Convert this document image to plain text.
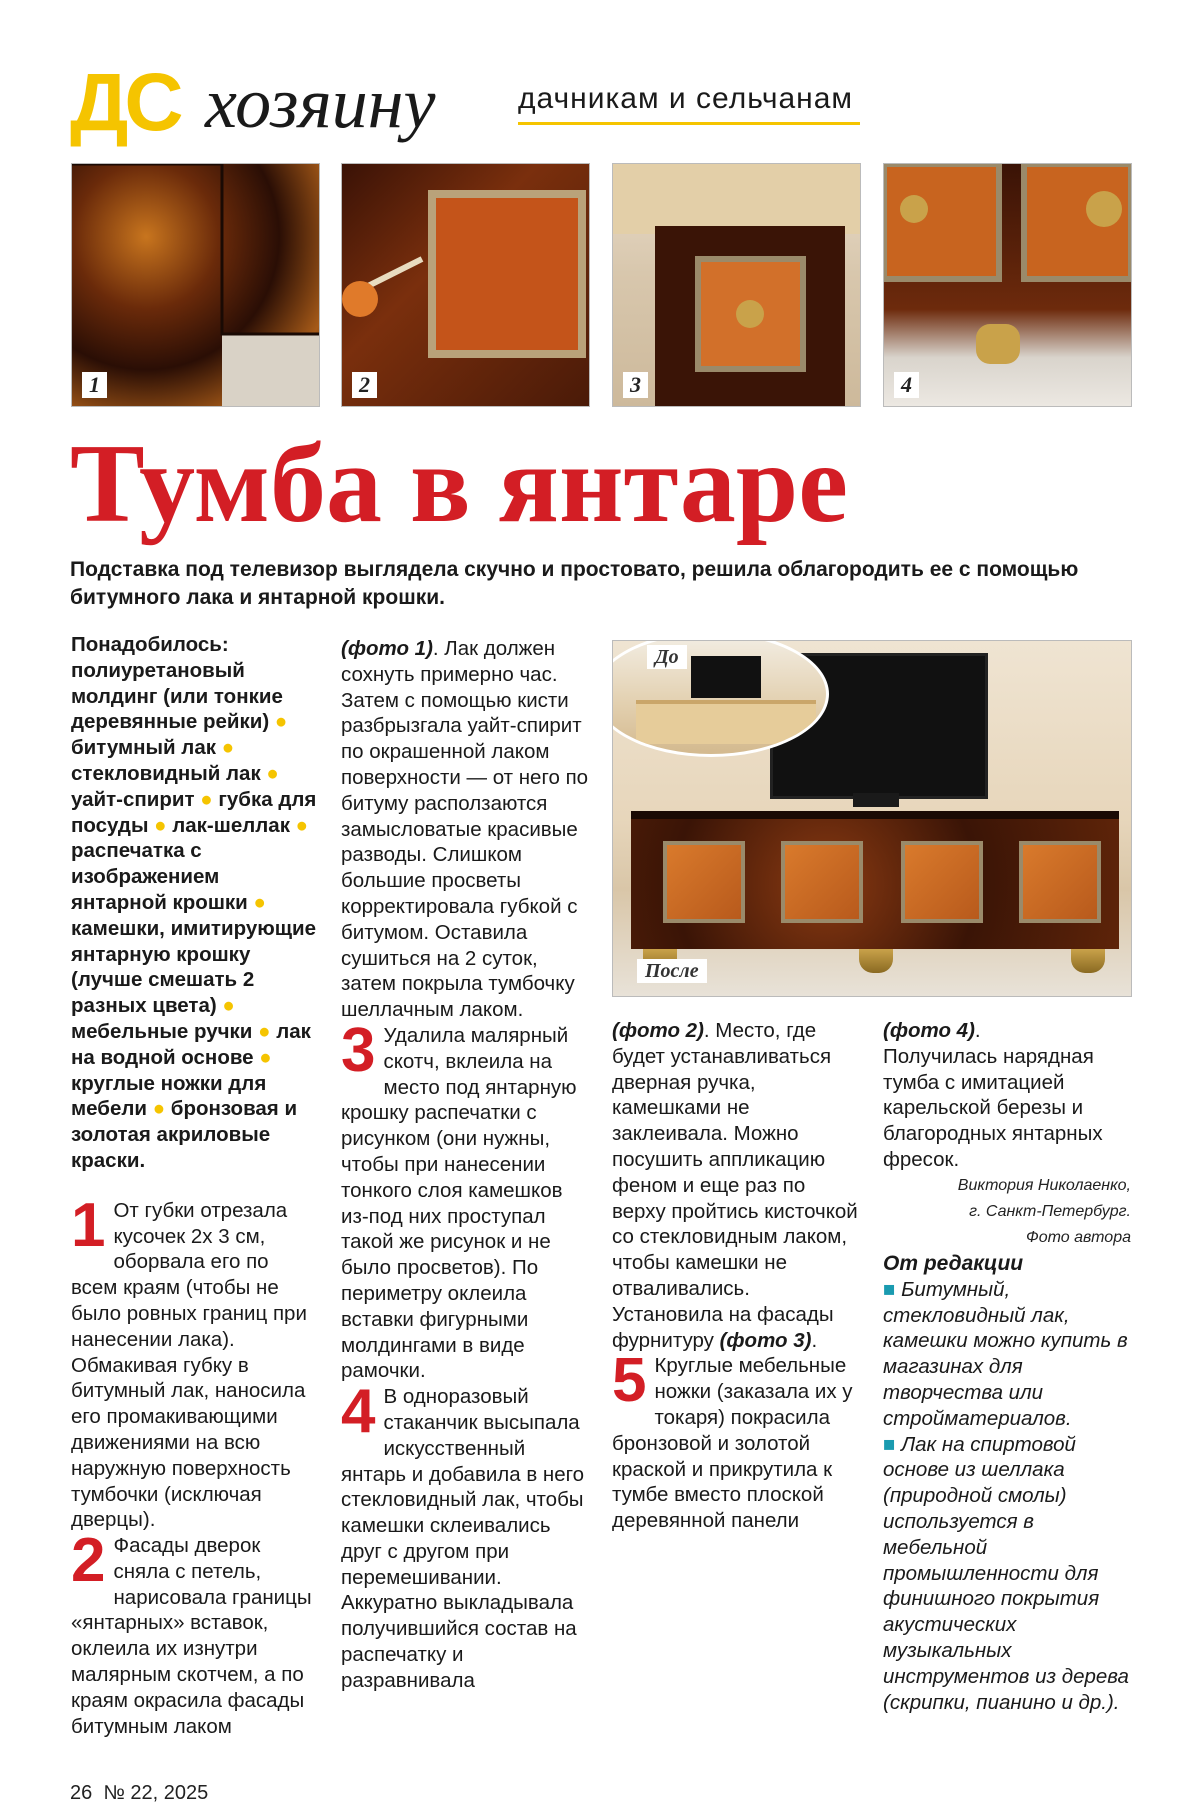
ДС хозяину	дачникам и сельчанам
1	2	3	4
Тумба в янтаре
Подставка под телевизор выглядела скучно и простовато, решила облагородить ее с помощью битумного лака и янтарной крошки.

Понадобилось: полиуретановый молдинг (или тонкие деревянные рейки) ● битумный лак ● стекловидный лак ● уайт-спирит ● губка для посуды ● лак-шеллак ● распечатка с изображением янтарной крошки ● камешки, имитирующие янтарную крошку (лучше смешать 2 разных цвета) ● мебельные ручки ● лак на водной основе ● круглые ножки для мебели ● бронзовая и золотая акриловые краски.

1 От губки отрезала кусочек 2х 3 см, оборвала его по всем краям (чтобы не было ровных границ при нанесении лака). Обмакивая губку в битумный лак, наносила его промакивающими движениями на всю наружную поверхность тумбочки (исключая дверцы).

2 Фасады дверок сняла с петель, нарисовала границы «янтарных» вставок, оклеила их изнутри малярным скотчем, а по краям окрасила фасады битумным лаком

(фото 1). Лак должен сохнуть примерно час. Затем с помощью кисти разбрызгала уайт-спирит по окрашенной лаком поверхности — от него по битуму расползаются замысловатые красивые разводы. Слишком большие просветы корректировала губкой с битумом. Оставила сушиться на 2 суток, затем покрыла тумбочку шеллачным лаком.

3 Удалила малярный скотч, вклеила на место под янтарную крошку распечатки с рисунком (они нужны, чтобы при нанесении тонкого слоя камешков из-под них проступал такой же рисунок и не было просветов). По периметру оклеила вставки фигурными молдингами в виде рамочки.

4 В одноразовый стаканчик высыпала искусственный янтарь и добавила в него стекловидный лак, чтобы камешки склеивались друг с другом при перемешивании. Аккуратно выкладывала получившийся состав на распечатку и разравнивала

До
После

(фото 2). Место, где будет устанавливаться дверная ручка, камешками не заклеивала. Можно посушить аппликацию феном и еще раз по верху пройтись кисточкой со стекловидным лаком, чтобы камешки не отваливались. Установила на фасады фурнитуру (фото 3).

5 Круглые мебельные ножки (заказала их у токаря) покрасила бронзовой и золотой краской и прикрутила к тумбе вместо плоской деревянной панели

(фото 4).

Получилась нарядная тумба с имитацией карельской березы и благородных янтарных фресок.

Виктория Николаенко,

г. Санкт-Петербург.

Фото автора

От редакции

■ Битумный, стекловидный лак, камешки можно купить в магазинах для творчества или стройматериалов.

■ Лак на спиртовой основе из шеллака (природной смолы) используется в мебельной промышленности для финишного покрытия акустических музыкальных инструментов из дерева (скрипки, пианино и др.).

26 № 22, 2025
